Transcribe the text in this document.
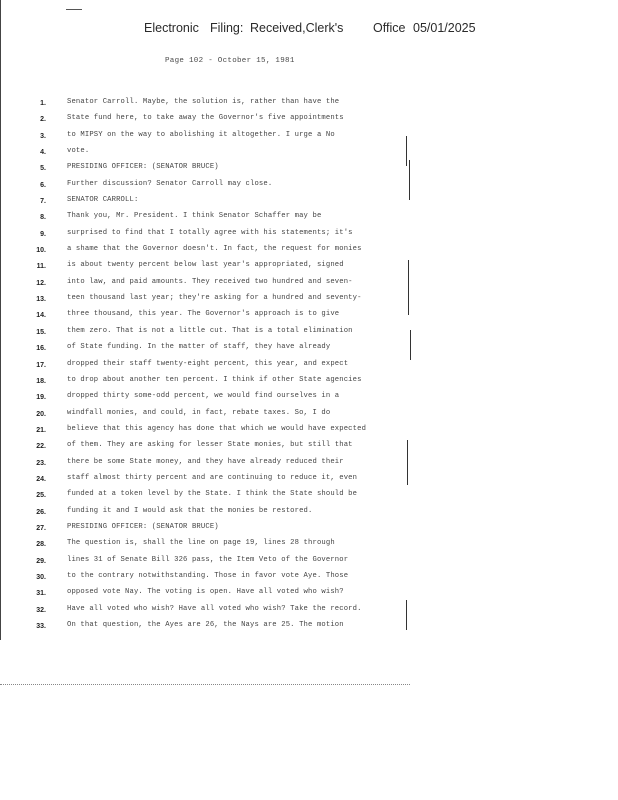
Electronic Filing: Received,Clerk's Office 05/01/2025
Page 102 - October 15, 1981
1.	Senator Carroll. Maybe, the solution is, rather than have the
2.	State fund here, to take away the Governor's five appointments
3.	to MIPSY on the way to abolishing it altogether. I urge a No
4.	vote.
5.	PRESIDING OFFICER: (SENATOR BRUCE)
6.	Further discussion? Senator Carroll may close.
7.	SENATOR CARROLL:
8.	Thank you, Mr. President. I think Senator Schaffer may be
9.	surprised to find that I totally agree with his statements; it's
10.	a shame that the Governor doesn't. In fact, the request for monies
11.	is about twenty percent below last year's appropriated, signed
12.	into law, and paid amounts. They received two hundred and seven-
13.	teen thousand last year; they're asking for a hundred and seventy-
14.	three thousand, this year. The Governor's approach is to give
15.	them zero. That is not a little cut. That is a total elimination
16.	of State funding. In the matter of staff, they have already
17.	dropped their staff twenty-eight percent, this year, and expect
18.	to drop about another ten percent. I think if other State agencies
19.	dropped thirty some-odd percent, we would find ourselves in a
20.	windfall monies, and could, in fact, rebate taxes. So, I do
21.	believe that this agency has done that which we would have expected
22.	of them. They are asking for lesser State monies, but still that
23.	there be some State money, and they have already reduced their
24.	staff almost thirty percent and are continuing to reduce it, even
25.	funded at a token level by the State. I think the State should be
26.	funding it and I would ask that the monies be restored.
27.	PRESIDING OFFICER: (SENATOR BRUCE)
28.	The question is, shall the line on page 19, lines 28 through
29.	lines 31 of Senate Bill 326 pass, the Item Veto of the Governor
30.	to the contrary notwithstanding. Those in favor vote Aye. Those
31.	opposed vote Nay. The voting is open. Have all voted who wish?
32.	Have all voted who wish? Have all voted who wish? Take the record.
33.	On that question, the Ayes are 26, the Nays are 25. The motion
